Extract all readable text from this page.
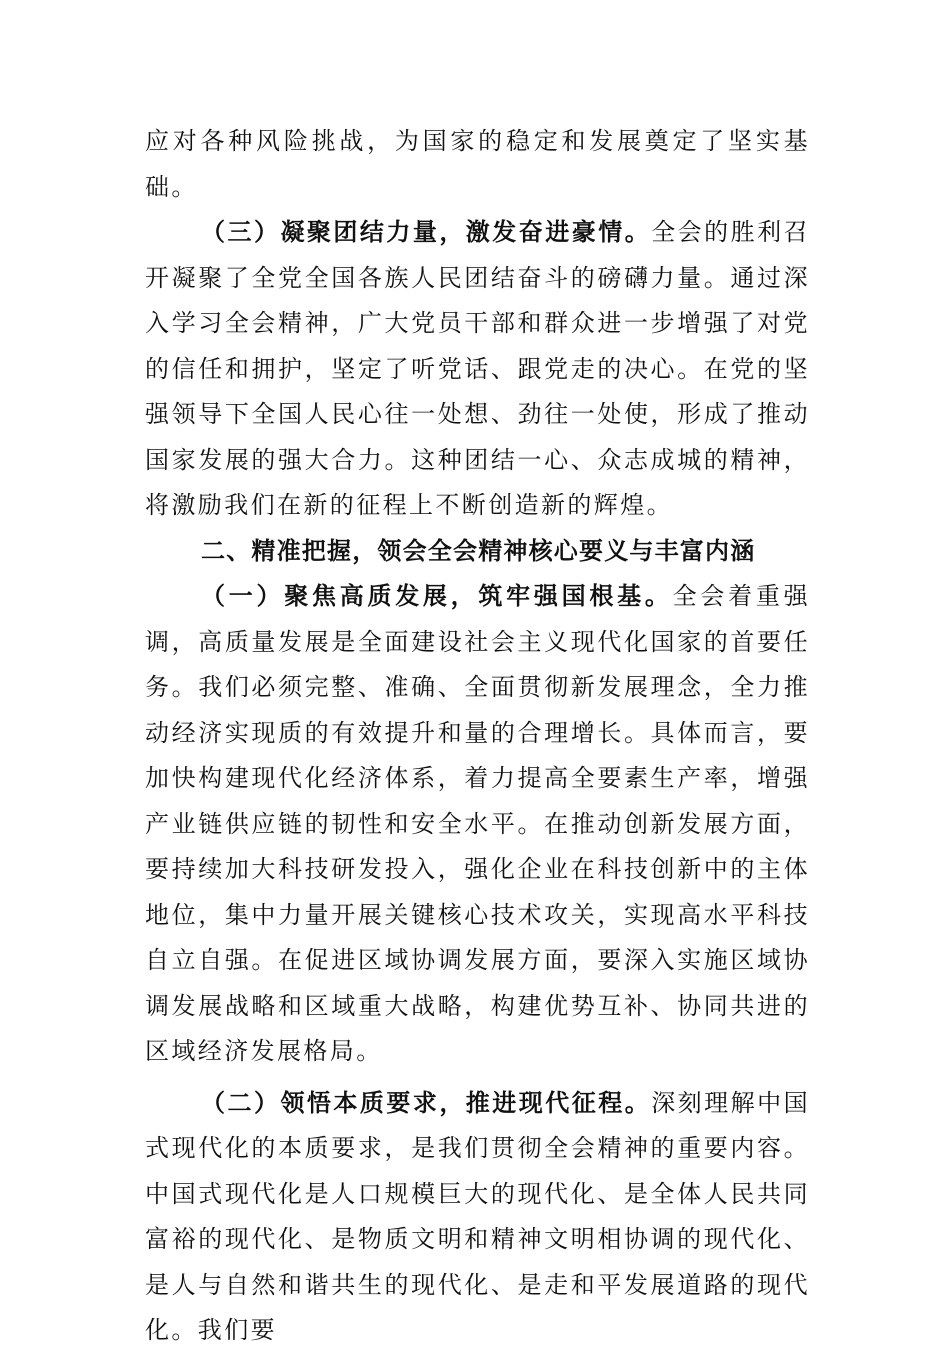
应对各种风险挑战，为国家的稳定和发展奠定了坚实基础。

（三）凝聚团结力量，激发奋进豪情。全会的胜利召开凝聚了全党全国各族人民团结奋斗的磅礴力量。通过深入学习全会精神，广大党员干部和群众进一步增强了对党的信任和拥护，坚定了听党话、跟党走的决心。在党的坚强领导下全国人民心往一处想、劲往一处使，形成了推动国家发展的强大合力。这种团结一心、众志成城的精神，将激励我们在新的征程上不断创造新的辉煌。

二、精准把握，领会全会精神核心要义与丰富内涵

（一）聚焦高质发展，筑牢强国根基。全会着重强调，高质量发展是全面建设社会主义现代化国家的首要任务。我们必须完整、准确、全面贯彻新发展理念，全力推动经济实现质的有效提升和量的合理增长。具体而言，要加快构建现代化经济体系，着力提高全要素生产率，增强产业链供应链的韧性和安全水平。在推动创新发展方面，要持续加大科技研发投入，强化企业在科技创新中的主体地位，集中力量开展关键核心技术攻关，实现高水平科技自立自强。在促进区域协调发展方面，要深入实施区域协调发展战略和区域重大战略，构建优势互补、协同共进的区域经济发展格局。

（二）领悟本质要求，推进现代征程。深刻理解中国式现代化的本质要求，是我们贯彻全会精神的重要内容。中国式现代化是人口规模巨大的现代化、是全体人民共同富裕的现代化、是物质文明和精神文明相协调的现代化、是人与自然和谐共生的现代化、是走和平发展道路的现代化。我们要
